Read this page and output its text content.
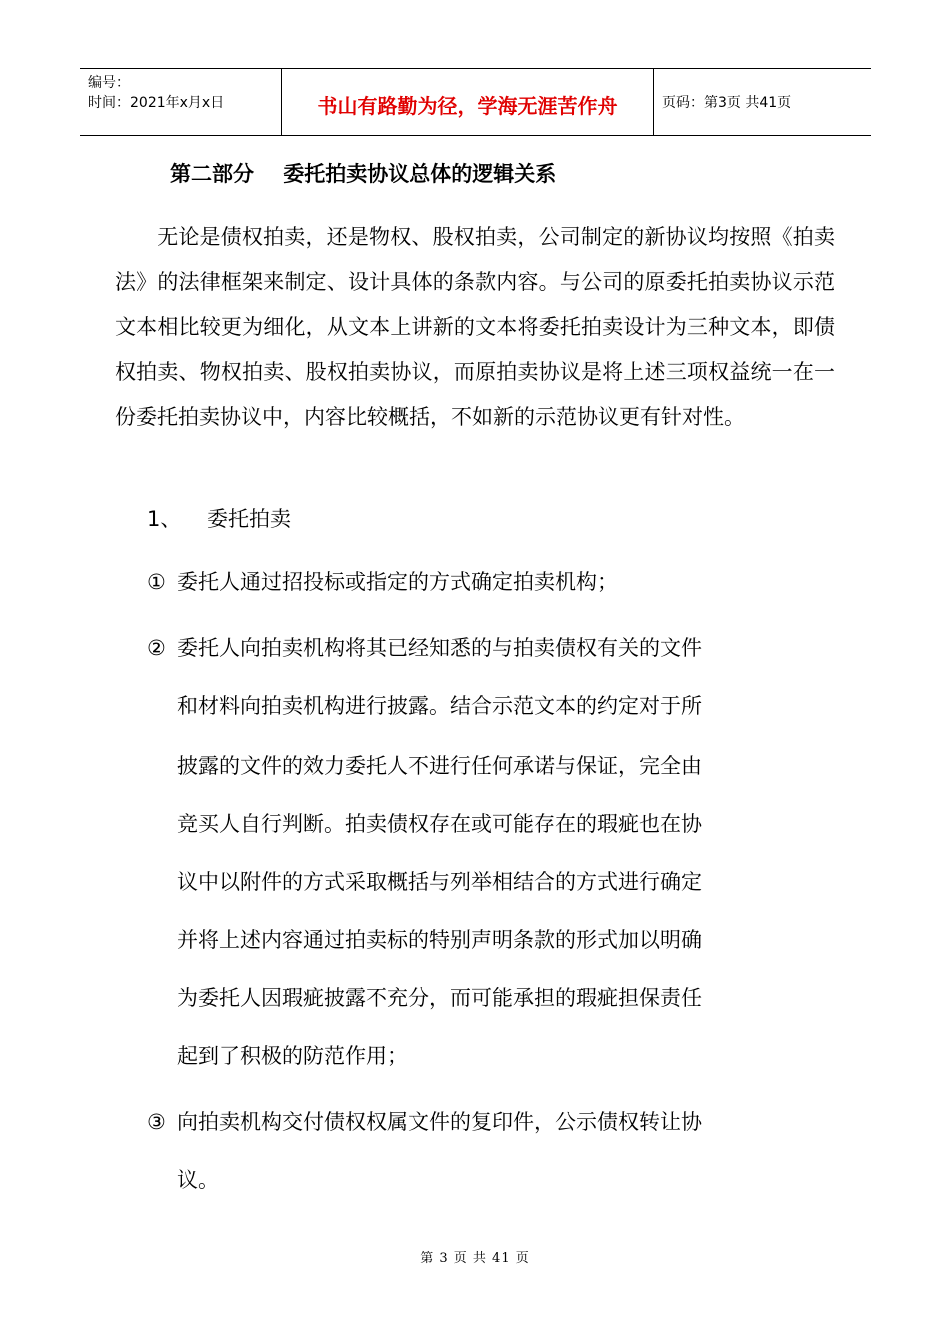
编号：
时间：2021年x月x日	书山有路勤为径，学海无涯苦作舟	页码：第3页 共41页
第二部分    委托拍卖协议总体的逻辑关系
无论是债权拍卖，还是物权、股权拍卖，公司制定的新协议均按照《拍卖法》的法律框架来制定、设计具体的条款内容。与公司的原委托拍卖协议示范文本相比较更为细化，从文本上讲新的文本将委托拍卖设计为三种文本，即债权拍卖、物权拍卖、股权拍卖协议，而原拍卖协议是将上述三项权益统一在一份委托拍卖协议中，内容比较概括，不如新的示范协议更有针对性。
1、 委托拍卖
① 委托人通过招投标或指定的方式确定拍卖机构；
② 委托人向拍卖机构将其已经知悉的与拍卖债权有关的文件
和材料向拍卖机构进行披露。结合示范文本的约定对于所
披露的文件的效力委托人不进行任何承诺与保证，完全由
竞买人自行判断。拍卖债权存在或可能存在的瑕疵也在协
议中以附件的方式采取概括与列举相结合的方式进行确定
并将上述内容通过拍卖标的特别声明条款的形式加以明确
为委托人因瑕疵披露不充分，而可能承担的瑕疵担保责任
起到了积极的防范作用；
③ 向拍卖机构交付债权权属文件的复印件，公示债权转让协
议。
第 3 页 共 41 页
